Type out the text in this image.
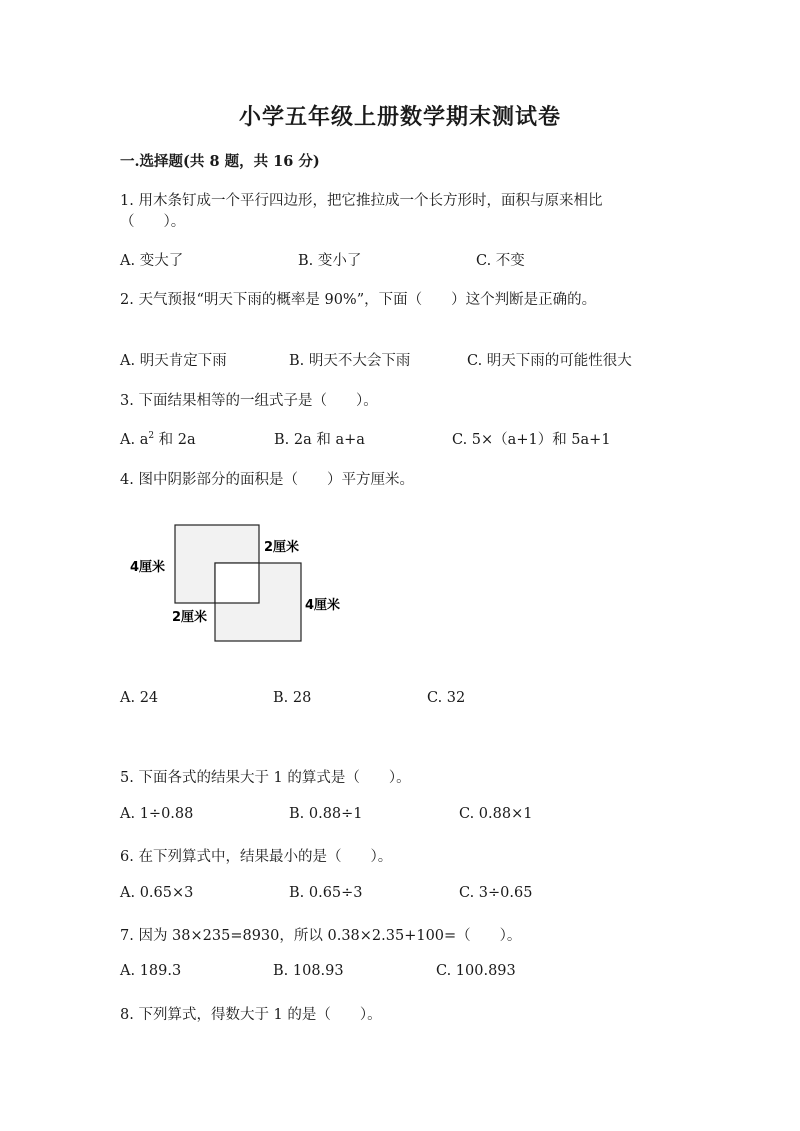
小学五年级上册数学期末测试卷
一.选择题(共 8 题，共 16 分)
1. 用木条钉成一个平行四边形，把它推拉成一个长方形时，面积与原来相比
（　　）。
A. 变大了	B. 变小了	C. 不变
2. 天气预报“明天下雨的概率是 90%”，下面（　　）这个判断是正确的。
A. 明天肯定下雨	B. 明天不大会下雨	C. 明天下雨的可能性很大
3. 下面结果相等的一组式子是（　　）。
A. $a^2$ 和 2a	B. 2a 和 a+a	C. 5×（a+1）和 5a+1
4. 图中阴影部分的面积是（　　）平方厘米。
4厘米
2厘米
2厘米
4厘米
A. 24	B. 28	C. 32
5. 下面各式的结果大于 1 的算式是（　　）。
A. 1÷0.88	B. 0.88÷1	C. 0.88×1
6. 在下列算式中，结果最小的是（　　）。
A. 0.65×3	B. 0.65÷3	C. 3÷0.65
7. 因为 38×235=8930，所以 0.38×2.35+100=（　　）。
A. 189.3	B. 108.93	C. 100.893
8. 下列算式，得数大于 1 的是（　　）。
